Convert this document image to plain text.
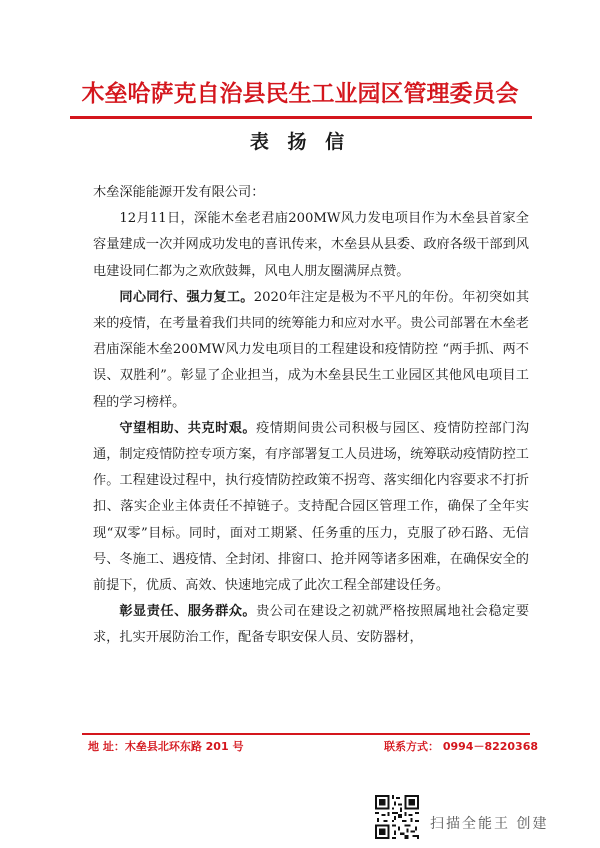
木垒哈萨克自治县民生工业园区管理委员会
表 扬 信

木垒深能能源开发有限公司：

12月11日，深能木垒老君庙200MW风力发电项目作为木垒县首家全容量建成一次并网成功发电的喜讯传来，木垒县从县委、政府各级干部到风电建设同仁都为之欢欣鼓舞，风电人朋友圈满屏点赞。

同心同行、强力复工。2020年注定是极为不平凡的年份。年初突如其来的疫情，在考量着我们共同的统筹能力和应对水平。贵公司部署在木垒老君庙深能木垒200MW风力发电项目的工程建设和疫情防控 “两手抓、两不误、双胜利”。彰显了企业担当，成为木垒县民生工业园区其他风电项目工程的学习榜样。

守望相助、共克时艰。疫情期间贵公司积极与园区、疫情防控部门沟通，制定疫情防控专项方案，有序部署复工人员进场，统筹联动疫情防控工作。工程建设过程中，执行疫情防控政策不拐弯、落实细化内容要求不打折扣、落实企业主体责任不掉链子。支持配合园区管理工作，确保了全年实现“双零”目标。同时，面对工期紧、任务重的压力，克服了砂石路、无信号、冬施工、遇疫情、全封闭、排窗口、抢并网等诸多困难，在确保安全的前提下，优质、高效、快速地完成了此次工程全部建设任务。

彰显责任、服务群众。贵公司在建设之初就严格按照属地社会稳定要求，扎实开展防治工作，配备专职安保人员、安防器材，

地 址：木垒县北环东路 201 号	联系方式： 0994－8220368
扫描全能王 创建
